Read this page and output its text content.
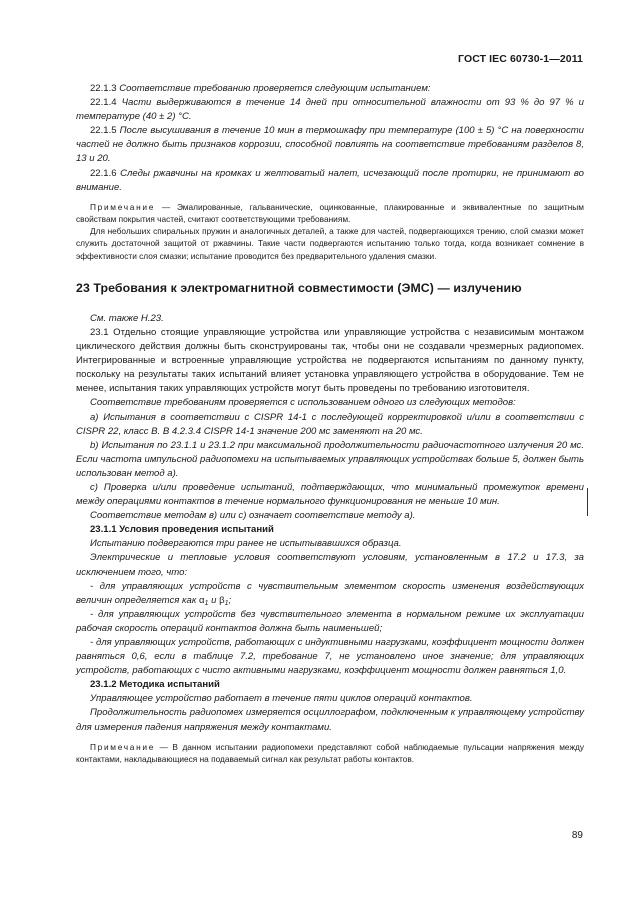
ГОСТ IEC 60730-1—2011

22.1.3 Соответствие требованию проверяется следующим испытанием:

22.1.4 Части выдерживаются в течение 14 дней при относительной влажности от 93 % до 97 % и температуре (40 ± 2) °С.

22.1.5 После высушивания в течение 10 мин в термошкафу при температуре (100 ± 5) °С на поверхности частей не должно быть признаков коррозии, способной повлиять на соответствие требованиям разделов 8, 13 и 20.

22.1.6 Следы ржавчины на кромках и желтоватый налет, исчезающий после протирки, не принимают во внимание.

Примечание — Эмалированные, гальванические, оцинкованные, плакированные и эквивалентные по защитным свойствам покрытия частей, считают соответствующими требованиям.

Для небольших спиральных пружин и аналогичных деталей, а также для частей, подвергающихся трению, слой смазки может служить достаточной защитой от ржавчины. Такие части подвергаются испытанию только тогда, когда возникает сомнение в эффективности слоя смазки; испытание проводится без предварительного удаления смазки.

23 Требования к электромагнитной совместимости (ЭМС) — излучению

См. также Н.23.

23.1 Отдельно стоящие управляющие устройства или управляющие устройства с независимым монтажом циклического действия должны быть сконструированы так, чтобы они не создавали чрезмерных радиопомех. Интегрированные и встроенные управляющие устройства не подвергаются испытаниям по данному пункту, поскольку на результаты таких испытаний влияет установка управляющего устройства в оборудование. Тем не менее, испытания таких управляющих устройств могут быть проведены по требованию изготовителя.

Соответствие требованиям проверяется с использованием одного из следующих методов:

а) Испытания в соответствии с CISPR 14-1 с последующей корректировкой и/или в соответствии с CISPR 22, класс В. В 4.2.3.4 CISPR 14-1 значение 200 мс заменяют на 20 мс.

b) Испытания по 23.1.1 и 23.1.2 при максимальной продолжительности радиочастотного излучения 20 мс. Если частота импульсной радиопомехи на испытываемых управляющих устройствах больше 5, должен быть использован метод а).

с) Проверка и/или проведение испытаний, подтверждающих, что минимальный промежуток времени между операциями контактов в течение нормального функционирования не меньше 10 мин.

Соответствие методам в) или с) означает соответствие методу а).

23.1.1 Условия проведения испытаний

Испытанию подвергаются три ранее не испытывавшихся образца.

Электрические и тепловые условия соответствуют условиям, установленным в 17.2 и 17.3, за исключением того, что:

- для управляющих устройств с чувствительным элементом скорость изменения воздействующих величин определяется как $\alpha_1$ и $\beta_1$;

- для управляющих устройств без чувствительного элемента в нормальном режиме их эксплуатации рабочая скорость операций контактов должна быть наименьшей;

- для управляющих устройств, работающих с индуктивными нагрузками, коэффициент мощности должен равняться 0,6, если в таблице 7.2, требование 7, не установлено иное значение; для управляющих устройств, работающих с чисто активными нагрузками, коэффициент мощности должен равняться 1,0.

23.1.2 Методика испытаний

Управляющее устройство работает в течение пяти циклов операций контактов.

Продолжительность радиопомех измеряется осциллографом, подключенным к управляющему устройству для измерения падения напряжения между контактами.

Примечание — В данном испытании радиопомехи представляют собой наблюдаемые пульсации напряжения между контактами, накладывающиеся на подаваемый сигнал как результат работы контактов.

89
